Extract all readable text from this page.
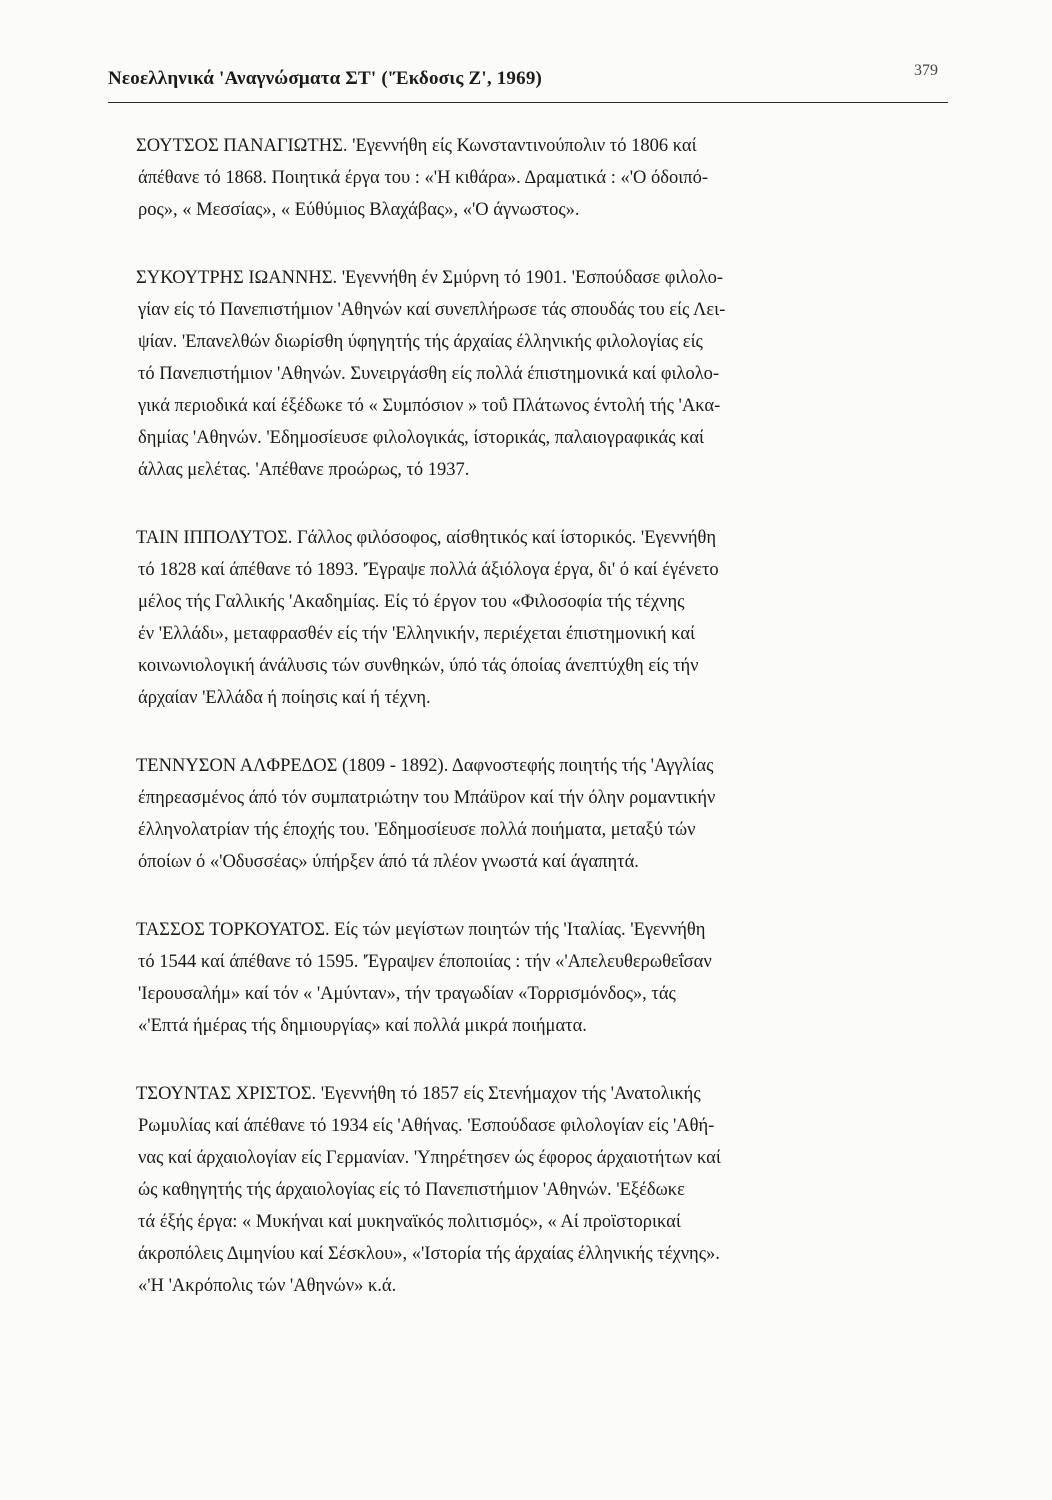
Νεοελληνικά 'Αναγνώσματα ΣΤ' ('Έκδοσις Ζ', 1969)	379
ΣΟΥΤΣΟΣ ΠΑΝΑΓΙΩΤΗΣ. 'Εγεννήθη είς Κωνσταντινούπολιν τό 1806 καί
άπέθανε τό 1868. Ποιητικά έργα του : «'Η κιθάρα». Δραματικά : «'Ο όδοιπό-
ρος», « Μεσσίας», « Εύθύμιος Βλαχάβας», «'Ο άγνωστος».
ΣΥΚΟΥΤΡΗΣ ΙΩΑΝΝΗΣ. 'Εγεννήθη έν Σμύρνη τό 1901. 'Εσπούδασε φιλολο-
γίαν είς τό Πανεπιστήμιον 'Αθηνών καί συνεπλήρωσε τάς σπουδάς του είς Λει-
ψίαν. 'Επανελθών διωρίσθη ύφηγητής τής άρχαίας έλληνικής φιλολογίας είς
τό Πανεπιστήμιον 'Αθηνών. Συνειργάσθη είς πολλά έπιστημονικά καί φιλολο-
γικά περιοδικά καί έξέδωκε τό « Συμπόσιον » τοΰ Πλάτωνος έντολή τής 'Ακα-
δημίας 'Αθηνών. 'Εδημοσίευσε φιλολογικάς, ίστορικάς, παλαιογραφικάς καί
άλλας μελέτας. 'Απέθανε προώρως, τό 1937.
ΤΑΙΝ ΙΠΠΟΛΥΤΟΣ. Γάλλος φιλόσοφος, αίσθητικός καί ίστορικός. 'Εγεννήθη
τό 1828 καί άπέθανε τό 1893. 'Έγραψε πολλά άξιόλογα έργα, δι' ό καί έγένετο
μέλος τής Γαλλικής 'Ακαδημίας. Είς τό έργον του «Φιλοσοφία τής τέχνης
έν 'Ελλάδι», μεταφρασθέν είς τήν 'Ελληνικήν, περιέχεται έπιστημονική καί
κοινωνιολογική άνάλυσις τών συνθηκών, ύπό τάς όποίας άνεπτύχθη είς τήν
άρχαίαν 'Ελλάδα ή ποίησις καί ή τέχνη.
ΤΕΝΝΥΣΟΝ ΑΛΦΡΕΔΟΣ (1809 - 1892). Δαφνοστεφής ποιητής τής 'Αγγλίας
έπηρεασμένος άπό τόν συμπατριώτην του Μπάϋρον καί τήν όλην ρομαντικήν
έλληνολατρίαν τής έποχής του. 'Εδημοσίευσε πολλά ποιήματα, μεταξύ τών
όποίων ό «'Οδυσσέας» ύπήρξεν άπό τά πλέον γνωστά καί άγαπητά.
ΤΑΣΣΟΣ ΤΟΡΚΟΥΑΤΟΣ. Είς τών μεγίστων ποιητών τής 'Ιταλίας. 'Εγεννήθη
τό 1544 καί άπέθανε τό 1595. 'Έγραψεν έποποιίας : τήν «'Απελευθερωθεΐσαν
'Ιερουσαλήμ» καί τόν « 'Αμύνταν», τήν τραγωδίαν «Τορρισμόνδος», τάς
«'Επτά ήμέρας τής δημιουργίας» καί πολλά μικρά ποιήματα.
ΤΣΟΥΝΤΑΣ ΧΡΙΣΤΟΣ. 'Εγεννήθη τό 1857 είς Στενήμαχον τής 'Ανατολικής
Ρωμυλίας καί άπέθανε τό 1934 είς 'Αθήνας. 'Εσπούδασε φιλολογίαν είς 'Αθή-
νας καί άρχαιολογίαν είς Γερμανίαν. 'Υπηρέτησεν ώς έφορος άρχαιοτήτων καί
ώς καθηγητής τής άρχαιολογίας είς τό Πανεπιστήμιον 'Αθηνών. 'Εξέδωκε
τά έξής έργα: « Μυκήναι καί μυκηναϊκός πολιτισμός», « Αί προϊστορικαί
άκροπόλεις Διμηνίου καί Σέσκλου», «'Ιστορία τής άρχαίας έλληνικής τέχνης».
«'Η 'Ακρόπολις τών 'Αθηνών» κ.ά.
